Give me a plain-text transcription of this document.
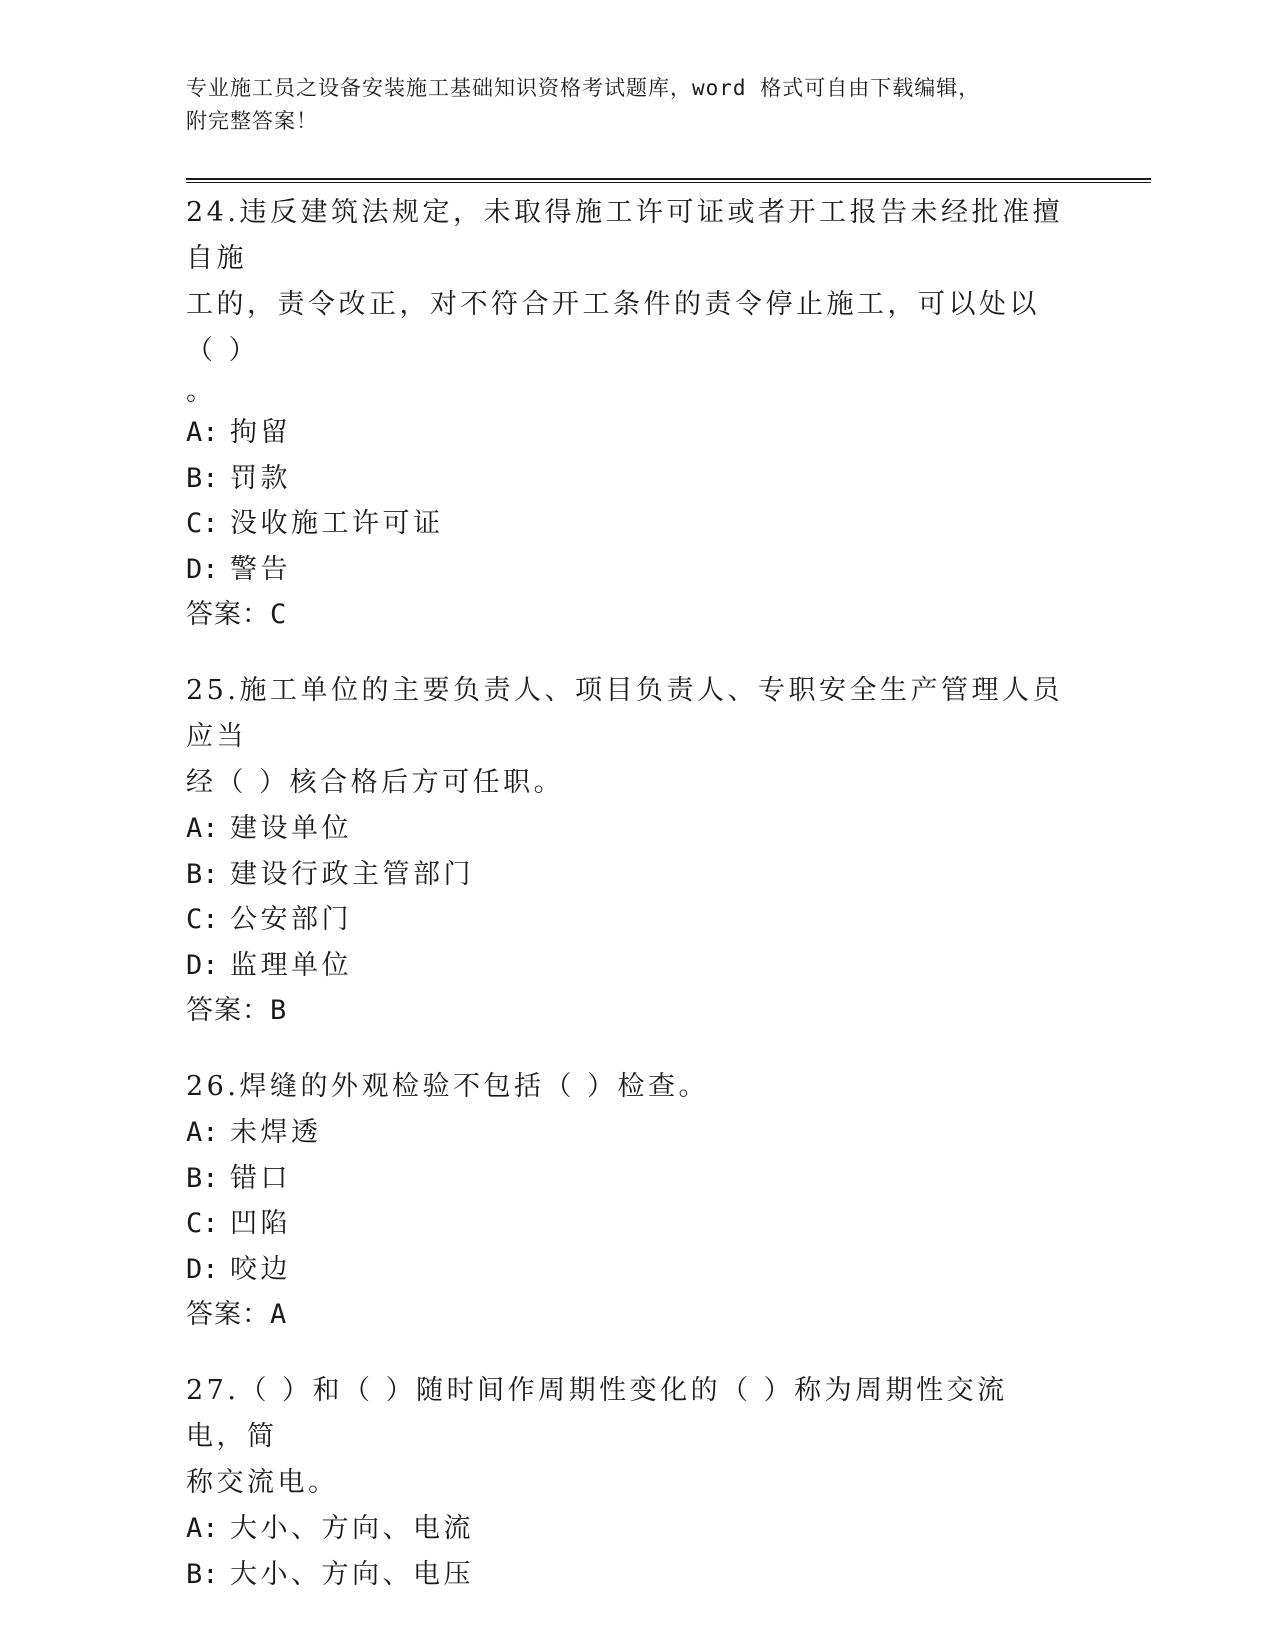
专业施工员之设备安装施工基础知识资格考试题库，word 格式可自由下载编辑，
附完整答案！

24.违反建筑法规定，未取得施工许可证或者开工报告未经批准擅自施

工的，责令改正，对不符合开工条件的责令停止施工，可以处以（ ）

。

A: 拘留

B: 罚款

C: 没收施工许可证

D: 警告

答案：C

25.施工单位的主要负责人、项目负责人、专职安全生产管理人员应当

经（ ）核合格后方可任职。

A: 建设单位

B: 建设行政主管部门

C: 公安部门

D: 监理单位

答案：B

26.焊缝的外观检验不包括（ ）检查。

A: 未焊透

B: 错口

C: 凹陷

D: 咬边

答案：A

27.（ ）和（ ）随时间作周期性变化的（ ）称为周期性交流电，简

称交流电。

A: 大小、方向、电流

B: 大小、方向、电压
